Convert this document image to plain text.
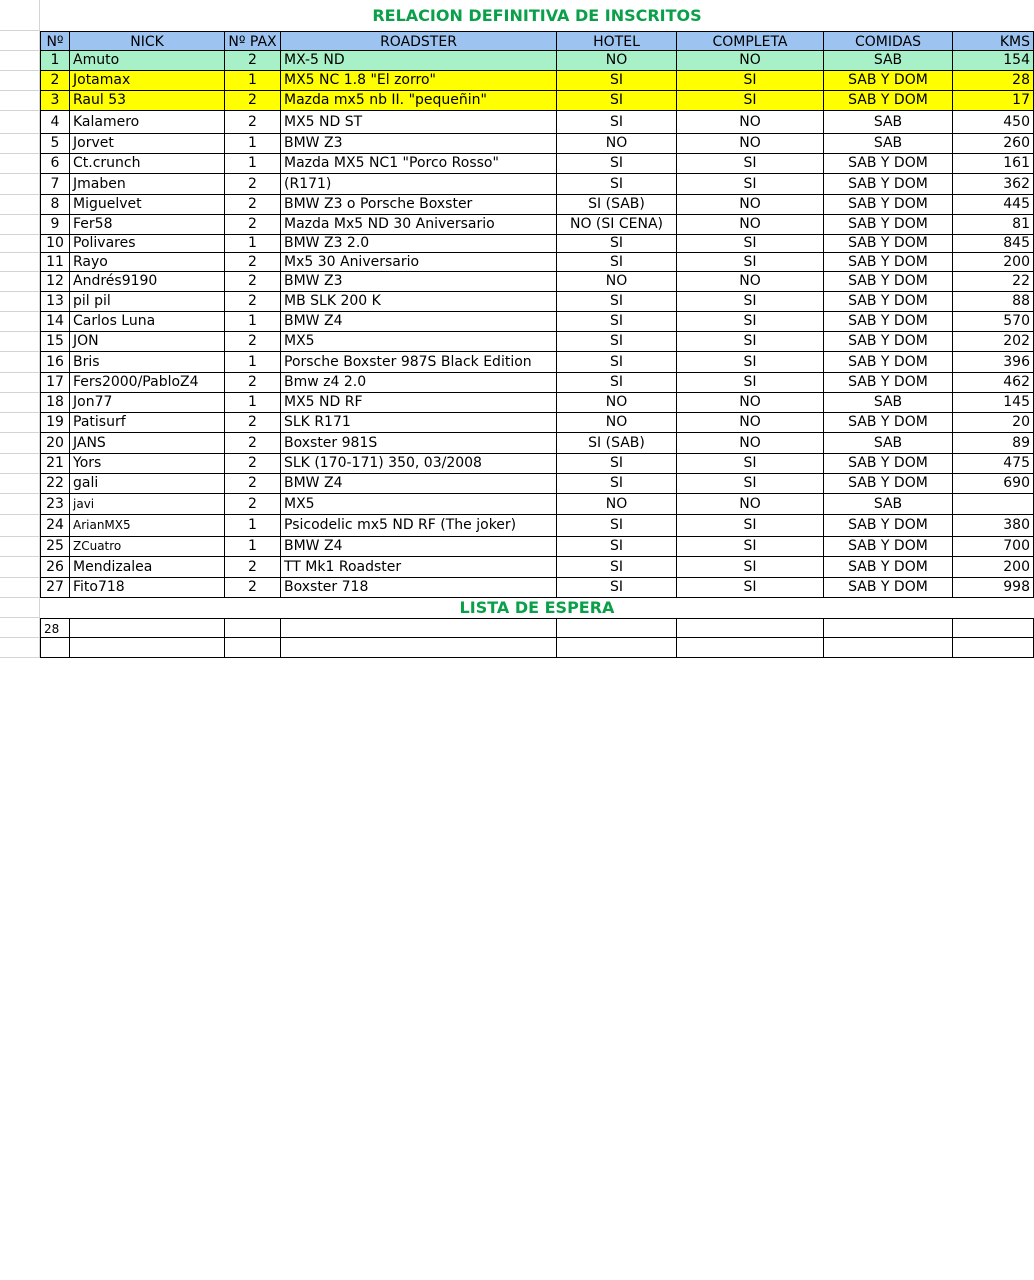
RELACION DEFINITIVA DE INSCRITOS
Nº	NICK	Nº PAX	ROADSTER	HOTEL	COMPLETA	COMIDAS	KMS
1 Amuto	2	MX-5 ND	NO	NO	SAB	154
2 Jotamax	1	MX5 NC 1.8 "El zorro"	SI	SI	SAB Y DOM	28
3 Raul 53	2	Mazda mx5 nb II. "pequeñin"	SI	SI	SAB Y DOM	17
4 Kalamero	2	MX5 ND ST	SI	NO	SAB	450
5 Jorvet	1	BMW Z3	NO	NO	SAB	260
6 Ct.crunch	1	Mazda MX5 NC1 "Porco Rosso"	SI	SI	SAB Y DOM	161
7 Jmaben	2	(R171)	SI	SI	SAB Y DOM	362
8 Miguelvet	2	BMW Z3 o Porsche Boxster	SI (SAB)	NO	SAB Y DOM	445
9 Fer58	2	Mazda Mx5 ND 30 Aniversario	NO (SI CENA)	NO	SAB Y DOM	81
10 Polivares	1	BMW Z3 2.0	SI	SI	SAB Y DOM	845
11 Rayo	2	Mx5 30 Aniversario	SI	SI	SAB Y DOM	200
12 Andrés9190	2	BMW Z3	NO	NO	SAB Y DOM	22
13 pil pil	2	MB SLK 200 K	SI	SI	SAB Y DOM	88
14 Carlos Luna	1	BMW Z4	SI	SI	SAB Y DOM	570
15 JON	2	MX5	SI	SI	SAB Y DOM	202
16 Bris	1	Porsche Boxster 987S Black Edition	SI	SI	SAB Y DOM	396
17 Fers2000/PabloZ4	2	Bmw z4 2.0	SI	SI	SAB Y DOM	462
18 Jon77	1	MX5 ND RF	NO	NO	SAB	145
19 Patisurf	2	SLK R171	NO	NO	SAB Y DOM	20
20 JANS	2	Boxster 981S	SI (SAB)	NO	SAB	89
21 Yors	2	SLK (170-171) 350, 03/2008	SI	SI	SAB Y DOM	475
22 gali	2	BMW Z4	SI	SI	SAB Y DOM	690
23 javi	2	MX5	NO	NO	SAB
24 ArianMX5	1	Psicodelic mx5 ND RF (The joker)	SI	SI	SAB Y DOM	380
25 ZCuatro	1	BMW Z4	SI	SI	SAB Y DOM	700
26 Mendizalea	2	TT Mk1 Roadster	SI	SI	SAB Y DOM	200
27 Fito718	2	Boxster 718	SI	SI	SAB Y DOM	998
LISTA DE ESPERA
28
